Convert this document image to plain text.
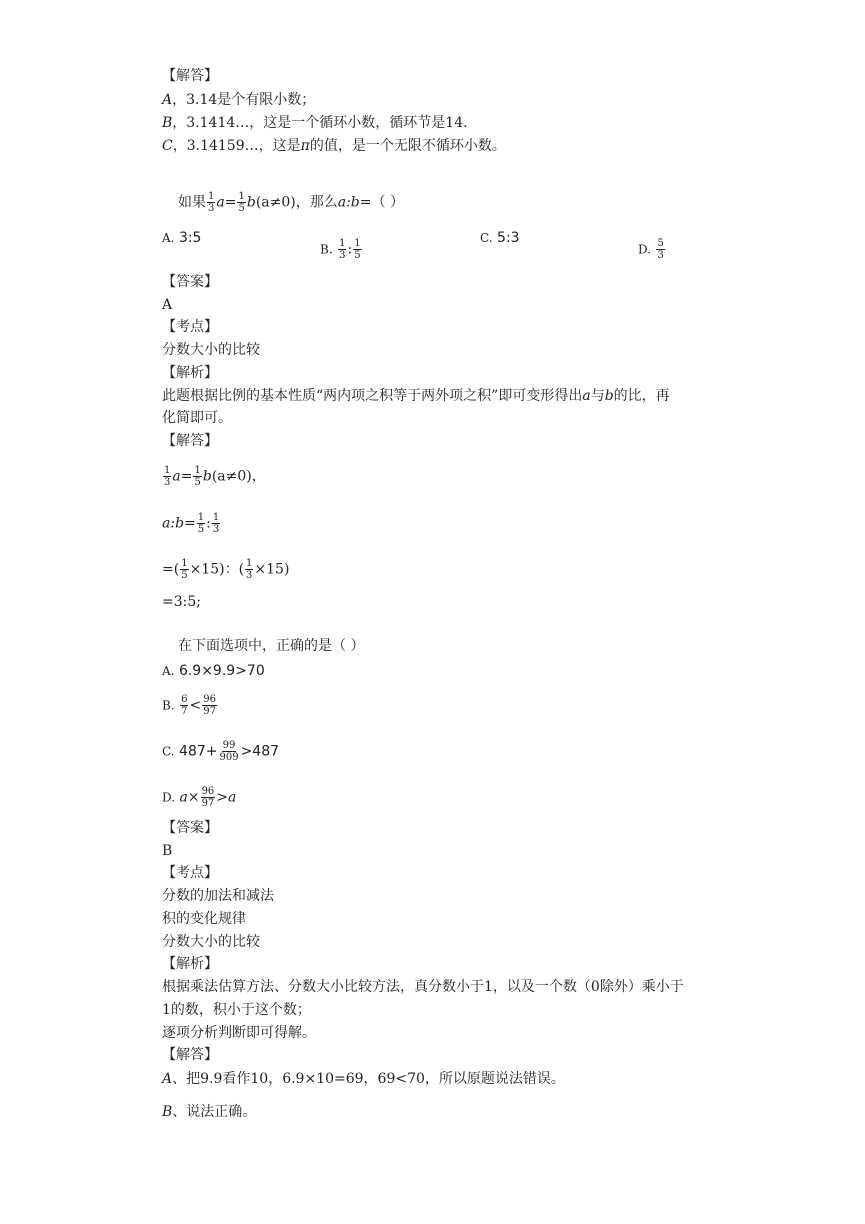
【解答】
A，3.14是个有限小数；
B，3.1414…，这是一个循环小数，循环节是14.
C，3.14159…，这是π的值，是一个无限不循环小数。
如果 $\frac{1}{3} a= \frac{1}{5} b(a\ne 0)$，那么a:b=（ ）
A. 3:5
B. $\frac{1}{3}$ : $\frac{1}{5}$	C. 5:3
D. $\frac{5}{3}$
【答案】
A
【考点】
分数大小的比较
【解析】
此题根据比例的基本性质“两内项之积等于两外项之积”即可变形得出a与b的比，再
化简即可。
【解答】
$\frac{1}{3} a= \frac{1}{5} b(a\ne 0)$，
a:b= $\frac{1}{5}$ : $\frac{1}{3}$
=( $\frac{1}{5} \times 15$)：( $\frac{1}{3} \times 15$)
=3:5;
在下面选项中，正确的是（ ）
A. 6.9×9.9>70
B. $\frac{6}{7} < \frac{96}{97}$
C. $487+ \frac{99}{909} >487$
D. $a\times \frac{96}{97} >a$
【答案】
B
【考点】
分数的加法和减法
积的变化规律
分数大小的比较
【解析】
根据乘法估算方法、分数大小比较方法，真分数小于1，以及一个数（0除外）乘小于
1的数，积小于这个数；
逐项分析判断即可得解。
【解答】
A、把9.9看作10，6.9×10=69，69<70，所以原题说法错误。
B、说法正确。
